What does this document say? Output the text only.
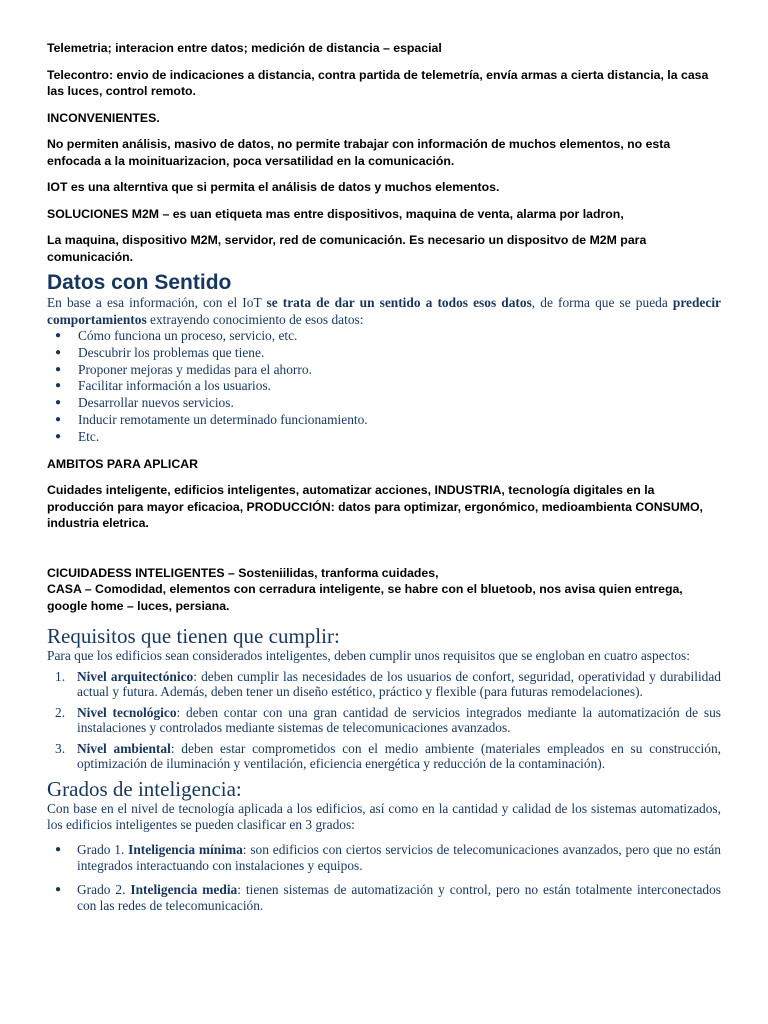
Telemetria; interacion entre datos; medición de distancia – espacial

Telecontro: envio de indicaciones a distancia, contra partida de telemetría, envía armas a cierta distancia, la casa las luces, control remoto.

INCONVENIENTES.

No permiten análisis, masivo de datos, no permite trabajar con información de muchos elementos, no esta enfocada a la moinituarizacion, poca versatilidad en la comunicación.

IOT es una alterntiva que si permita el análisis de datos y muchos elementos.

SOLUCIONES M2M – es uan etiqueta mas entre dispositivos, maquina de venta, alarma por ladron,

La maquina, dispositivo M2M, servidor, red de comunicación. Es necesario un dispositvo de M2M para comunicación.

Datos con Sentido

En base a esa información, con el IoT se trata de dar un sentido a todos esos datos, de forma que se pueda predecir comportamientos extrayendo conocimiento de esos datos:

● Cómo funciona un proceso, servicio, etc.
● Descubrir los problemas que tiene.
● Proponer mejoras y medidas para el ahorro.
● Facilitar información a los usuarios.
● Desarrollar nuevos servicios.
● Inducir remotamente un determinado funcionamiento.
● Etc.

AMBITOS PARA APLICAR

Cuidades inteligente, edificios inteligentes, automatizar acciones, INDUSTRIA, tecnología digitales en la producción para mayor eficacioa, PRODUCCIÓN: datos para optimizar, ergonómico, medioambienta CONSUMO, industria eletrica.

CICUIDADESS INTELIGENTES – Sosteniilidas, tranforma cuidades,

CASA – Comodidad, elementos con cerradura inteligente, se habre con el bluetoob, nos avisa quien entrega, google home – luces, persiana.

Requisitos que tienen que cumplir:

Para que los edificios sean considerados inteligentes, deben cumplir unos requisitos que se engloban en cuatro aspectos:

1. Nivel arquitectónico: deben cumplir las necesidades de los usuarios de confort, seguridad, operatividad y durabilidad actual y futura. Además, deben tener un diseño estético, práctico y flexible (para futuras remodelaciones).
2. Nivel tecnológico: deben contar con una gran cantidad de servicios integrados mediante la automatización de sus instalaciones y controlados mediante sistemas de telecomunicaciones avanzados.
3. Nivel ambiental: deben estar comprometidos con el medio ambiente (materiales empleados en su construcción, optimización de iluminación y ventilación, eficiencia energética y reducción de la contaminación).
Grados de inteligencia:

Con base en el nivel de tecnología aplicada a los edificios, así como en la cantidad y calidad de los sistemas automatizados, los edificios inteligentes se pueden clasificar en 3 grados:

● Grado 1. Inteligencia mínima: son edificios con ciertos servicios de telecomunicaciones avanzados, pero que no están integrados interactuando con instalaciones y equipos.
● Grado 2. Inteligencia media: tienen sistemas de automatización y control, pero no están totalmente interconectados con las redes de telecomunicación.
